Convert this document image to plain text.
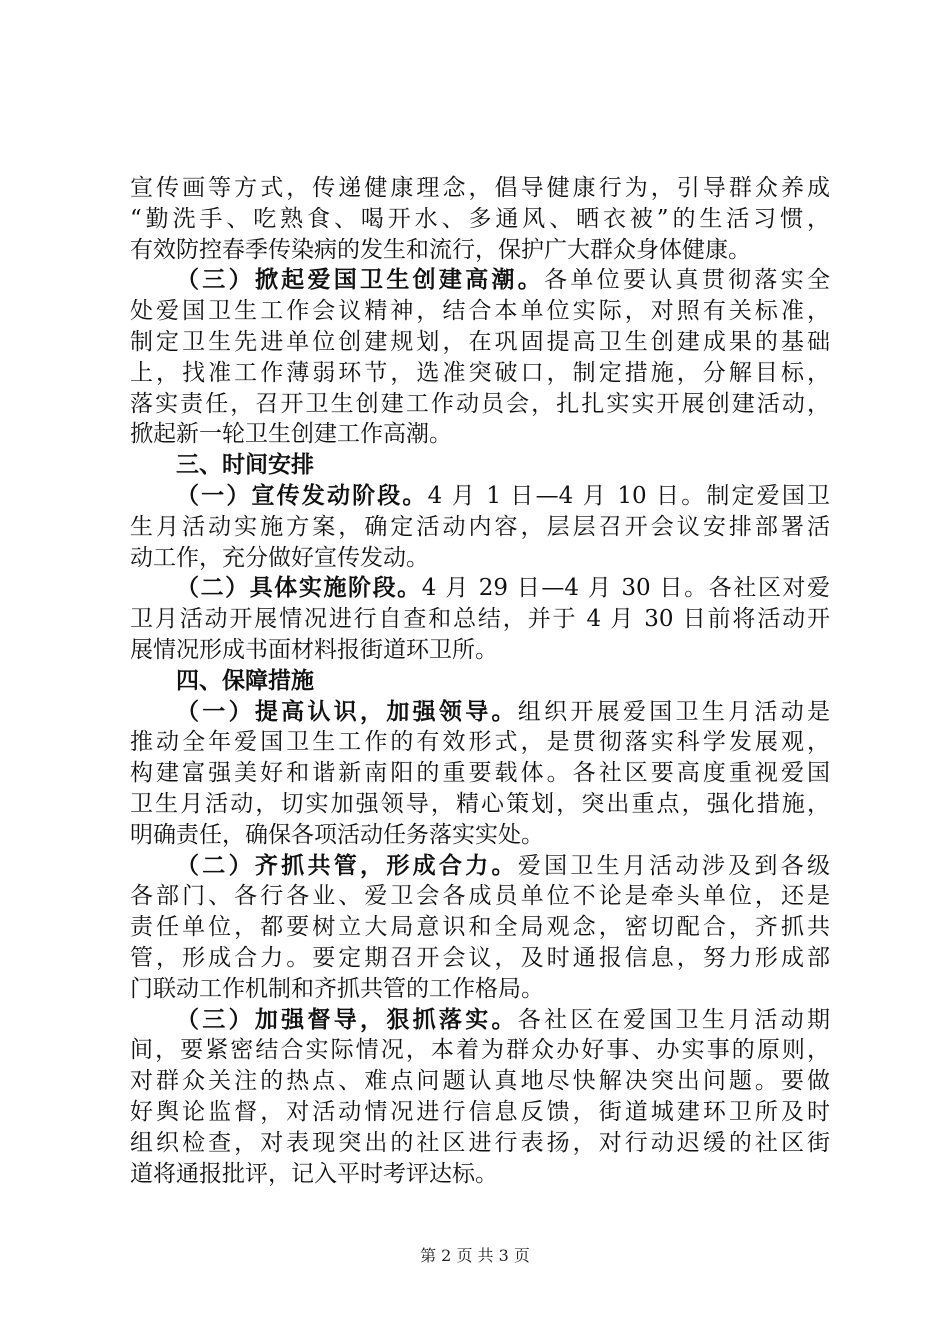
宣传画等方式，传递健康理念，倡导健康行为，引导群众养成
“勤洗手、吃熟食、喝开水、多通风、晒衣被”的生活习惯，
有效防控春季传染病的发生和流行，保护广大群众身体健康。
（三）掀起爱国卫生创建高潮。各单位要认真贯彻落实全
处爱国卫生工作会议精神，结合本单位实际，对照有关标准，
制定卫生先进单位创建规划，在巩固提高卫生创建成果的基础
上，找准工作薄弱环节，选准突破口，制定措施，分解目标，
落实责任，召开卫生创建工作动员会，扎扎实实开展创建活动，
掀起新一轮卫生创建工作高潮。
三、时间安排
（一）宣传发动阶段。4 月 1 日—4 月 10 日。制定爱国卫
生月活动实施方案，确定活动内容，层层召开会议安排部署活
动工作，充分做好宣传发动。
（二）具体实施阶段。4 月 29 日—4 月 30 日。各社区对爱
卫月活动开展情况进行自查和总结，并于 4 月 30 日前将活动开
展情况形成书面材料报街道环卫所。
四、保障措施
（一）提高认识，加强领导。组织开展爱国卫生月活动是
推动全年爱国卫生工作的有效形式，是贯彻落实科学发展观，
构建富强美好和谐新南阳的重要载体。各社区要高度重视爱国
卫生月活动，切实加强领导，精心策划，突出重点，强化措施，
明确责任，确保各项活动任务落实实处。
（二）齐抓共管，形成合力。爱国卫生月活动涉及到各级
各部门、各行各业、爱卫会各成员单位不论是牵头单位，还是
责任单位，都要树立大局意识和全局观念，密切配合，齐抓共
管，形成合力。要定期召开会议，及时通报信息，努力形成部
门联动工作机制和齐抓共管的工作格局。
（三）加强督导，狠抓落实。各社区在爱国卫生月活动期
间，要紧密结合实际情况，本着为群众办好事、办实事的原则，
对群众关注的热点、难点问题认真地尽快解决突出问题。要做
好舆论监督，对活动情况进行信息反馈，街道城建环卫所及时
组织检查，对表现突出的社区进行表扬，对行动迟缓的社区街
道将通报批评，记入平时考评达标。
第 2 页 共 3 页
